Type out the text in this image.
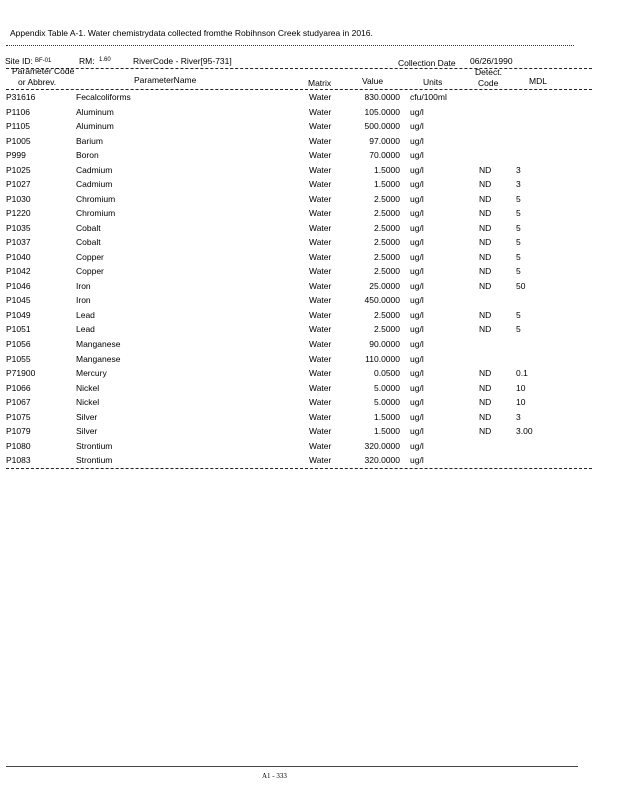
Appendix Table A-1. Water chemistrydata collected fromthe Robihnson Creek studyarea in 2016.
Site ID: BF-01	RM: 1.60	RiverCode - River[95-731]	Collection Date 06/26/1990
Parameter Code
or Abbrev.	ParameterName	Matrix	Value	Units
Detect.
Code	MDL
P31616	Fecalcoliforms	Water	830.0000 cfu/100ml
P1106	Aluminum	Water	105.0000 ug/l
P1105	Aluminum	Water	500.0000 ug/l
P1005	Barium	Water	97.0000 ug/l
P999	Boron	Water	70.0000 ug/l
P1025	Cadmium	Water	1.5000 ug/l	ND	3
P1027	Cadmium	Water	1.5000 ug/l	ND	3
P1030	Chromium	Water	2.5000 ug/l	ND	5
P1220	Chromium	Water	2.5000 ug/l	ND	5
P1035	Cobalt	Water	2.5000 ug/l	ND	5
P1037	Cobalt	Water	2.5000 ug/l	ND	5
P1040	Copper	Water	2.5000 ug/l	ND	5
P1042	Copper	Water	2.5000 ug/l	ND	5
P1046	Iron	Water	25.0000 ug/l	ND	50
P1045	Iron	Water	450.0000 ug/l
P1049	Lead	Water	2.5000 ug/l	ND	5
P1051	Lead	Water	2.5000 ug/l	ND	5
P1056	Manganese	Water	90.0000 ug/l
P1055	Manganese	Water	110.0000 ug/l
P71900	Mercury	Water	0.0500 ug/l	ND	0.1
P1066	Nickel	Water	5.0000 ug/l	ND	10
P1067	Nickel	Water	5.0000 ug/l	ND	10
P1075	Silver	Water	1.5000 ug/l	ND	3
P1079	Silver	Water	1.5000 ug/l	ND	3.00
P1080	Strontium	Water	320.0000 ug/l
P1083	Strontium	Water	320.0000 ug/l
A1 - 333
